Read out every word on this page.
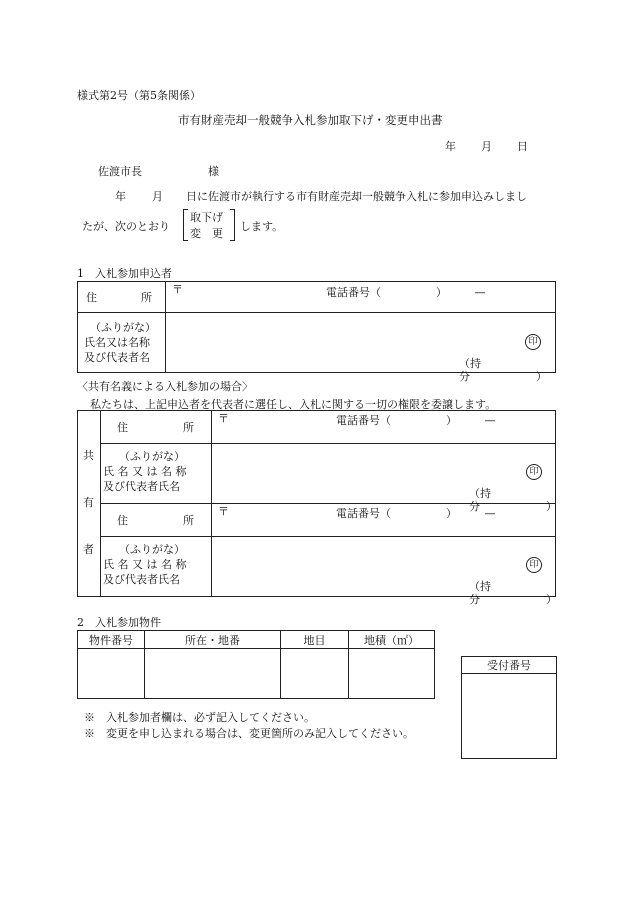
様式第2号（第5条関係）
市有財産売却一般競争入札参加取下げ・変更申出書
年 月 日
佐渡市長	様
年 月 日に佐渡市が執行する市有財産売却一般競争入札に参加申込みしまし
たが、次のとおり
取下げ
変　更
します。
1　入札参加申込者
住　　　　所	〒 電話番号（　　　　　）　　　—

（ふりがな）
氏名又は名称
及び代表者名	印
（持分　　　　　　）
〈共有名義による入札参加の場合〉
私たちは、上記申込者を代表者に選任し、入札に関する一切の権限を委譲します。
共
有
者	住　　　　　所	〒 電話番号（　　　　　）　　　—

	（ふりがな）
氏 名 又 は 名 称
及び代表者氏名	印
（持分　　　　　　）

	住　　　　　所	〒 電話番号（　　　　　）　　　—

	（ふりがな）
氏 名 又 は 名 称
及び代表者氏名	印
（持分　　　　　　）
2　入札参加物件
物件番号	所在・地番	地目	地積（㎡）

受付番号

※　入札参加者欄は、必ず記入してください。
※　変更を申し込まれる場合は、変更箇所のみ記入してください。
